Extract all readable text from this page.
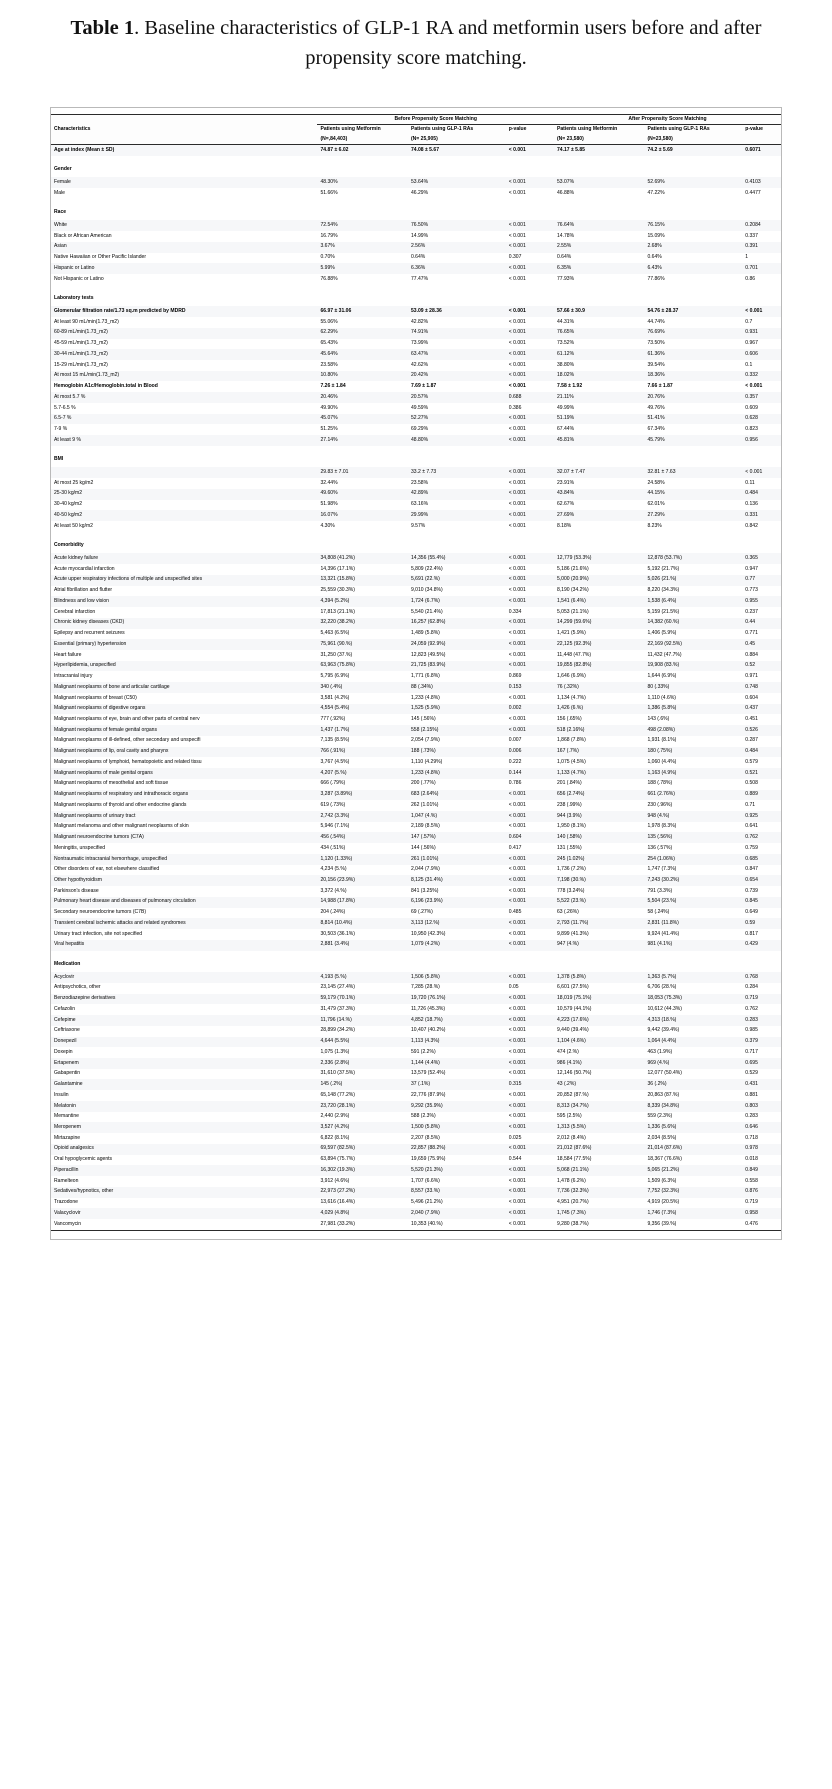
Table 1. Baseline characteristics of GLP-1 RA and metformin users before and after propensity score matching.
	Before Propensity Score Matching			After Propensity Score Matching		
Characteristics	Patients using Metformin	Patients using GLP-1 RAs	p-value	Patients using Metformin	Patients using GLP-1 RAs	p-value
	(N=,84,403)	(N= 25,905)		(N= 23,580)	(N=23,580)	
Age at index (Mean ± SD)	74.87 ± 6.02	74.08 ± 5.67	< 0.001	74.17 ± 5.85	74.2 ± 5.69	0.6071

Gender						
Female	48.30%	53.64%	< 0.001	53.07%	52.69%	0.4103
Male	51.66%	46.29%	< 0.001	46.88%	47.22%	0.4477

Race						
White	72.54%	76.50%	< 0.001	76.64%	76.15%	0.2084
Black or African American	16.79%	14.99%	< 0.001	14.78%	15.09%	0.337
Asian	3.67%	2.56%	< 0.001	2.55%	2.68%	0.391
Native Hawaiian or Other Pacific Islander	0.70%	0.64%	0.307	0.64%	0.64%	1
Hispanic or Latino	5.99%	6.36%	< 0.001	6.35%	6.43%	0.701
Not Hispanic or Latino	76.88%	77.47%	< 0.001	77.93%	77.86%	0.86

Laboratory tests						
Glomerular filtration rate/1.73 sq.m predicted by MDRD	66.97 ± 31.06	53.09 ± 28.36	< 0.001	57.66 ± 30.9	54.76 ± 28.37	< 0.001
At least 90 mL/min(1.73_m2)	55.06%	42.82%	< 0.001	44.31%	44.74%	0.7
60-89 mL/min(1.73_m2)	62.29%	74.91%	< 0.001	76.65%	76.69%	0.931
45-59 mL/min(1.73_m2)	65.43%	73.99%	< 0.001	73.52%	73.50%	0.967
30-44 mL/min(1.73_m2)	45.64%	63.47%	< 0.001	61.12%	61.36%	0.606
15-29 mL/min(1.73_m2)	23.58%	42.62%	< 0.001	38.80%	39.54%	0.1
At most 15 mL/min(1.73_m2)	10.80%	20.42%	< 0.001	18.02%	18.36%	0.332
Hemoglobin A1c/Hemoglobin.total in Blood	7.26 ± 1.84	7.69 ± 1.87	< 0.001	7.58 ± 1.92	7.66 ± 1.87	< 0.001
At most 5.7 %	20.46%	20.57%	0.688	21.11%	20.76%	0.357
5.7-6.5 %	49.90%	49.59%	0.386	49.99%	49.76%	0.609
6.5-7 %	45.07%	52.27%	< 0.001	51.19%	51.41%	0.628
7-9 %	51.25%	69.29%	< 0.001	67.44%	67.34%	0.823
At least 9 %	27.14%	48.80%	< 0.001	45.81%	45.79%	0.956

BMI						
	29.83 ± 7.01	33.2 ± 7.73	< 0.001	32.07 ± 7.47	32.81 ± 7.63	< 0.001
At most 25 kg/m2	32.44%	23.58%	< 0.001	23.91%	24.58%	0.11
25-30 kg/m2	49.60%	42.89%	< 0.001	43.84%	44.15%	0.484
30-40 kg/m2	51.98%	63.16%	< 0.001	62.67%	62.01%	0.136
40-50 kg/m2	16.07%	29.99%	< 0.001	27.69%	27.29%	0.331
At least 50 kg/m2	4.30%	9.57%	< 0.001	8.18%	8.23%	0.842

Comorbidity						
Acute kidney failure	34,808 (41.2%)	14,356 (55.4%)	< 0.001	12,779 (53.3%)	12,878 (53.7%)	0.365
Acute myocardial infarction	14,396 (17.1%)	5,809 (22.4%)	< 0.001	5,186 (21.6%)	5,192 (21.7%)	0.947
Acute upper respiratory infections of multiple and unspecified sites	13,321 (15.8%)	5,691 (22.%)	< 0.001	5,000 (20.9%)	5,026 (21.%)	0.77
Atrial fibrillation and flutter	25,559 (30.3%)	9,010 (34.8%)	< 0.001	8,190 (34.2%)	8,220 (34.3%)	0.773
Blindness and low vision	4,394 (5.2%)	1,724 (6.7%)	< 0.001	1,541 (6.4%)	1,538 (6.4%)	0.955
Cerebral infarction	17,813 (21.1%)	5,540 (21.4%)	0.334	5,053 (21.1%)	5,159 (21.5%)	0.237
Chronic kidney diseases (CKD)	32,220 (38.2%)	16,257 (62.8%)	< 0.001	14,299 (59.6%)	14,382 (60.%)	0.44
Epilepsy and recurrent seizures	5,463 (6.5%)	1,489 (5.8%)	< 0.001	1,421 (5.9%)	1,406 (5.9%)	0.771
Essential (primary) hypertension	75,961 (90.%)	24,059 (92.9%)	< 0.001	22,125 (92.3%)	22,169 (92.5%)	0.45
Heart failure	31,250 (37.%)	12,823 (49.5%)	< 0.001	11,448 (47.7%)	11,432 (47.7%)	0.884
Hyperlipidemia, unspecified	63,963 (75.8%)	21,725 (83.9%)	< 0.001	19,855 (82.8%)	19,908 (83.%)	0.52
Intracranial injury	5,795 (6.9%)	1,771 (6.8%)	0.869	1,646 (6.9%)	1,644 (6.9%)	0.971
Malignant neoplasms of bone and articular cartilage	340 (.4%)	88 (.34%)	0.153	76 (.32%)	80 (.33%)	0.748
Malignant neoplasms of breast (C50)	3,581 (4.2%)	1,233 (4.8%)	< 0.001	1,134 (4.7%)	1,110 (4.6%)	0.604
Malignant neoplasms of digestive organs	4,554 (5.4%)	1,525 (5.9%)	0.002	1,426 (6.%)	1,386 (5.8%)	0.437
Malignant neoplasms of eye, brain and other parts of central nerv	777 (.92%)	145 (.56%)	< 0.001	156 (.65%)	143 (.6%)	0.451
Malignant neoplasms of female genital organs	1,437 (1.7%)	558 (2.15%)	< 0.001	518 (2.16%)	498 (2.08%)	0.526
Malignant neoplasms of ill-defined, other secondary and unspecifi	7,135 (8.5%)	2,054 (7.9%)	0.007	1,868 (7.8%)	1,931 (8.1%)	0.287
Malignant neoplasms of lip, oral cavity and pharynx	766 (.91%)	188 (.73%)	0.006	167 (.7%)	180 (.75%)	0.484
Malignant neoplasms of lymphoid, hematopoietic and related tissu	3,767 (4.5%)	1,110 (4.29%)	0.222	1,075 (4.5%)	1,060 (4.4%)	0.579
Malignant neoplasms of male genital organs	4,207 (5.%)	1,233 (4.8%)	0.144	1,133 (4.7%)	1,163 (4.9%)	0.521
Malignant neoplasms of mesothelial and soft tissue	666 (.79%)	200 (.77%)	0.786	201 (.84%)	188 (.78%)	0.508
Malignant neoplasms of respiratory and intrathoracic organs	3,287 (3.89%)	683 (2.64%)	< 0.001	656 (2.74%)	661 (2.76%)	0.889
Malignant neoplasms of thyroid and other endocrine glands	619 (.73%)	262 (1.01%)	< 0.001	238 (.99%)	230 (.96%)	0.71
Malignant neoplasms of urinary tract	2,742 (3.3%)	1,047 (4.%)	< 0.001	944 (3.9%)	948 (4.%)	0.925
Malignant melanoma and other malignant neoplasms of skin	5,946 (7.1%)	2,189 (8.5%)	< 0.001	1,950 (8.1%)	1,978 (8.3%)	0.641
Malignant neuroendocrine tumors (C7A)	456 (.54%)	147 (.57%)	0.604	140 (.58%)	135 (.56%)	0.762
Meningitis, unspecified	434 (.51%)	144 (.56%)	0.417	131 (.55%)	136 (.57%)	0.759
Nontraumatic intracranial hemorrhage, unspecified	1,120 (1.33%)	261 (1.01%)	< 0.001	245 (1.02%)	254 (1.06%)	0.685
Other disorders of ear, not elsewhere classified	4,234 (5.%)	2,044 (7.9%)	< 0.001	1,736 (7.2%)	1,747 (7.3%)	0.847
Other hypothyroidism	20,156 (23.9%)	8,125 (31.4%)	< 0.001	7,198 (30.%)	7,243 (30.2%)	0.654
Parkinson's disease	3,372 (4.%)	841 (3.25%)	< 0.001	778 (3.24%)	791 (3.3%)	0.739
Pulmonary heart disease and diseases of pulmonary circulation	14,988 (17.8%)	6,196 (23.9%)	< 0.001	5,522 (23.%)	5,504 (23.%)	0.845
Secondary neuroendocrine tumors (C7B)	204 (.24%)	69 (.27%)	0.485	63 (.26%)	58 (.24%)	0.649
Transient cerebral ischemic attacks and related syndromes	8,814 (10.4%)	3,113 (12.%)	< 0.001	2,793 (11.7%)	2,831 (11.8%)	0.59
Urinary tract infection, site not specified	30,503 (36.1%)	10,950 (42.3%)	< 0.001	9,899 (41.3%)	9,924 (41.4%)	0.817
Viral hepatitis	2,881 (3.4%)	1,079 (4.2%)	< 0.001	947 (4.%)	981 (4.1%)	0.429

Medication						
Acyclovir	4,193 (5.%)	1,506 (5.8%)	< 0.001	1,378 (5.8%)	1,363 (5.7%)	0.768
Antipsychotics, other	23,145 (27.4%)	7,285 (28.%)	0.05	6,601 (27.5%)	6,706 (28.%)	0.284
Benzodiazepine derivatives	59,179 (70.1%)	19,720 (76.1%)	< 0.001	18,019 (75.1%)	18,053 (75.3%)	0.719
Cefazolin	31,479 (37.3%)	11,726 (45.3%)	< 0.001	10,579 (44.1%)	10,612 (44.3%)	0.762
Cefepime	11,796 (14.%)	4,852 (18.7%)	< 0.001	4,223 (17.6%)	4,313 (18.%)	0.283
Ceftriaxone	28,899 (34.2%)	10,407 (40.2%)	< 0.001	9,440 (39.4%)	9,442 (39.4%)	0.985
Donepezil	4,644 (5.5%)	1,113 (4.3%)	< 0.001	1,104 (4.6%)	1,064 (4.4%)	0.379
Doxepin	1,075 (1.3%)	591 (2.2%)	< 0.001	474 (2.%)	463 (1.9%)	0.717
Ertapenem	2,336 (2.8%)	1,144 (4.4%)	< 0.001	986 (4.1%)	969 (4.%)	0.695
Gabapentin	31,610 (37.5%)	13,579 (52.4%)	< 0.001	12,146 (50.7%)	12,077 (50.4%)	0.529
Galantamine	145 (.2%)	37 (.1%)	0.315	43 (.2%)	36 (.2%)	0.431
Insulin	65,148 (77.2%)	22,776 (87.9%)	< 0.001	20,852 (87.%)	20,863 (87.%)	0.881
Melatonin	23,720 (28.1%)	9,292 (35.9%)	< 0.001	8,313 (34.7%)	8,339 (34.8%)	0.803
Memantine	2,440 (2.9%)	588 (2.3%)	< 0.001	595 (2.5%)	559 (2.3%)	0.283
Meropenem	3,527 (4.2%)	1,500 (5.8%)	< 0.001	1,313 (5.5%)	1,336 (5.6%)	0.646
Mirtazapine	6,822 (8.1%)	2,207 (8.5%)	0.025	2,012 (8.4%)	2,034 (8.5%)	0.718
Opioid analgesics	69,597 (82.5%)	22,857 (88.2%)	< 0.001	21,012 (87.6%)	21,014 (87.6%)	0.978
Oral hypoglycemic agents	63,894 (75.7%)	19,659 (75.9%)	0.544	18,584 (77.5%)	18,367 (76.6%)	0.018
Piperacillin	16,302 (19.3%)	5,520 (21.3%)	< 0.001	5,068 (21.1%)	5,065 (21.2%)	0.849
Ramelteon	3,912 (4.6%)	1,707 (6.6%)	< 0.001	1,478 (6.2%)	1,509 (6.3%)	0.558
Sedatives/hypnotics, other	22,973 (27.2%)	8,557 (33.%)	< 0.001	7,736 (32.3%)	7,752 (32.3%)	0.876
Trazodone	13,616 (16.4%)	5,496 (21.2%)	< 0.001	4,951 (20.7%)	4,919 (20.5%)	0.719
Valacyclovir	4,029 (4.8%)	2,040 (7.9%)	< 0.001	1,745 (7.3%)	1,746 (7.3%)	0.958
Vancomycin	27,981 (33.2%)	10,353 (40.%)	< 0.001	9,280 (38.7%)	9,356 (39.%)	0.476
